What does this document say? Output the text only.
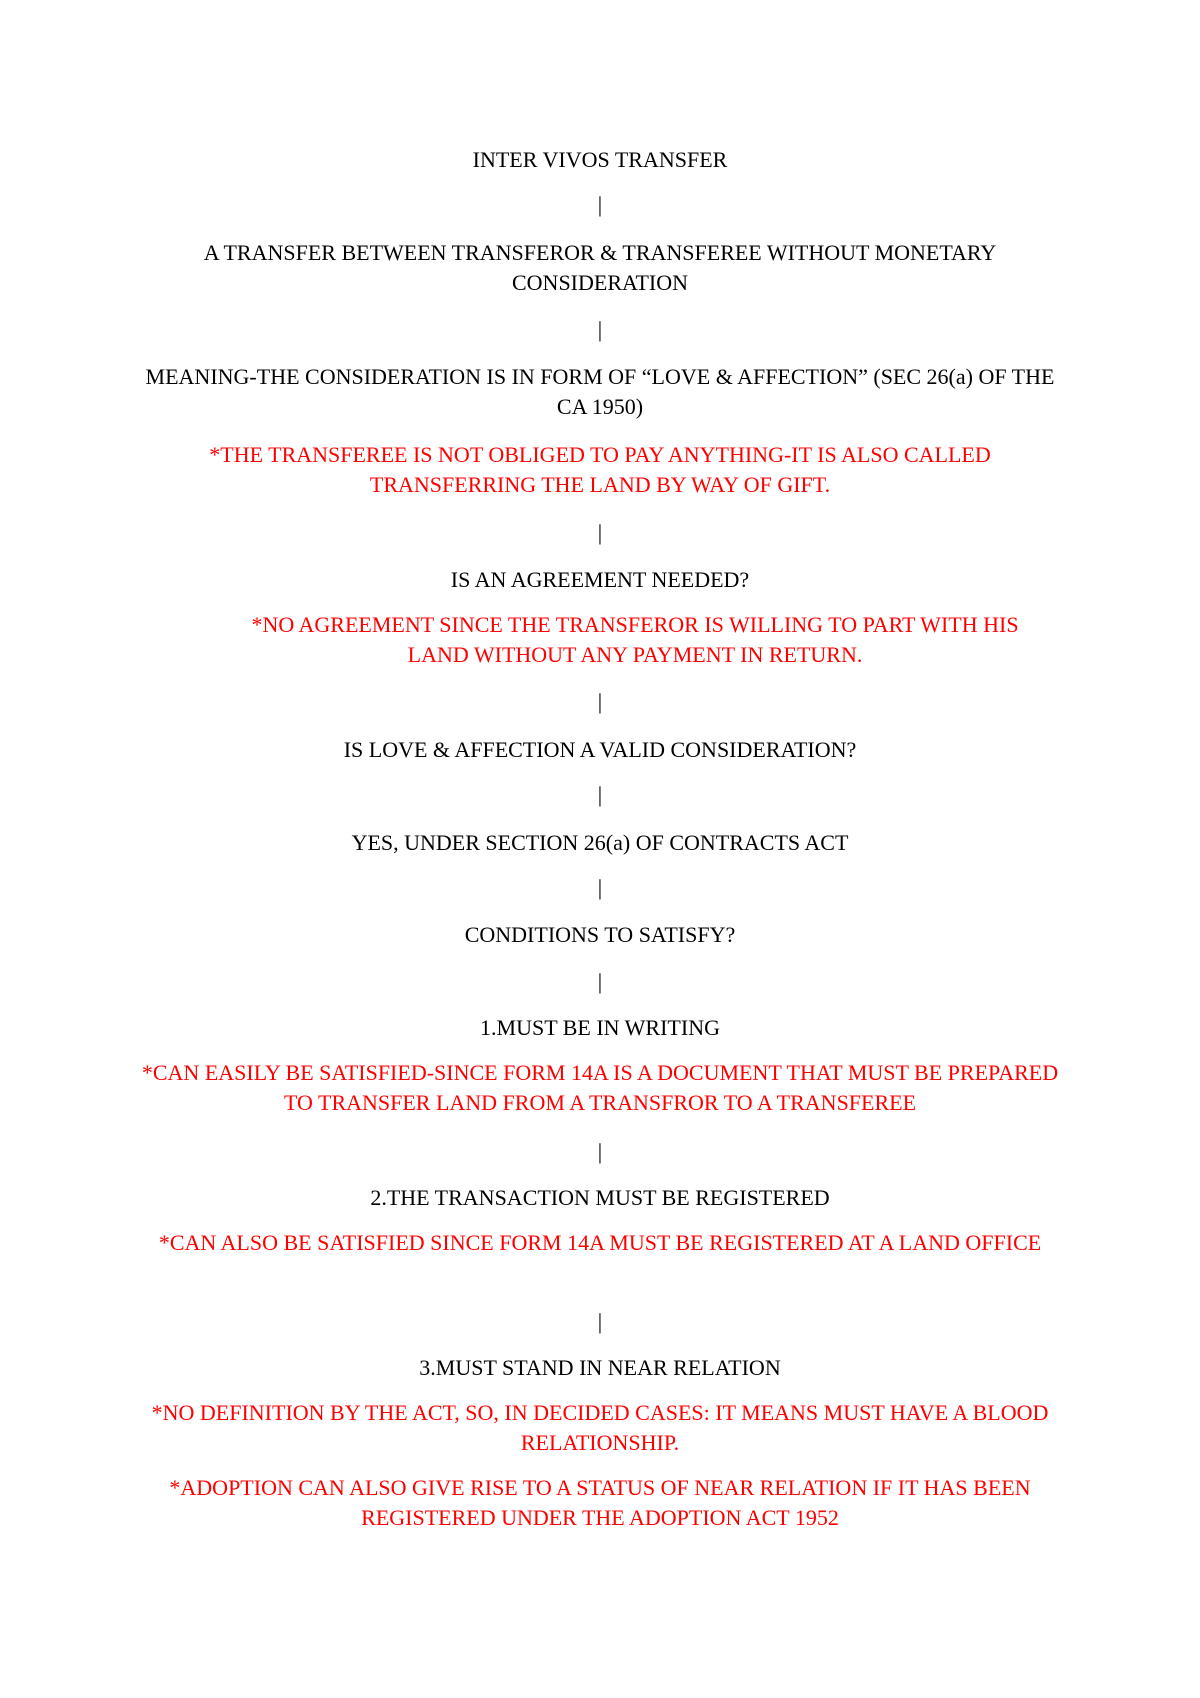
INTER VIVOS TRANSFER

|

A TRANSFER BETWEEN TRANSFEROR & TRANSFEREE WITHOUT MONETARY CONSIDERATION

|

MEANING-THE CONSIDERATION IS IN FORM OF “LOVE & AFFECTION” (SEC 26(a) OF THE CA 1950)

*THE TRANSFEREE IS NOT OBLIGED TO PAY ANYTHING-IT IS ALSO CALLED TRANSFERRING THE LAND BY WAY OF GIFT.

|

IS AN AGREEMENT NEEDED?

*NO AGREEMENT SINCE THE TRANSFEROR IS WILLING TO PART WITH HIS LAND WITHOUT ANY PAYMENT IN RETURN.

|

IS LOVE & AFFECTION A VALID CONSIDERATION?

|

YES, UNDER SECTION 26(a) OF CONTRACTS ACT

|

CONDITIONS TO SATISFY?

|

1.MUST BE IN WRITING

*CAN EASILY BE SATISFIED-SINCE FORM 14A IS A DOCUMENT THAT MUST BE PREPARED TO TRANSFER LAND FROM A TRANSFROR TO A TRANSFEREE

|

2.THE TRANSACTION MUST BE REGISTERED

*CAN ALSO BE SATISFIED SINCE FORM 14A MUST BE REGISTERED AT A LAND OFFICE

|

3.MUST STAND IN NEAR RELATION

*NO DEFINITION BY THE ACT, SO, IN DECIDED CASES: IT MEANS MUST HAVE A BLOOD RELATIONSHIP.

*ADOPTION CAN ALSO GIVE RISE TO A STATUS OF NEAR RELATION IF IT HAS BEEN REGISTERED UNDER THE ADOPTION ACT 1952
